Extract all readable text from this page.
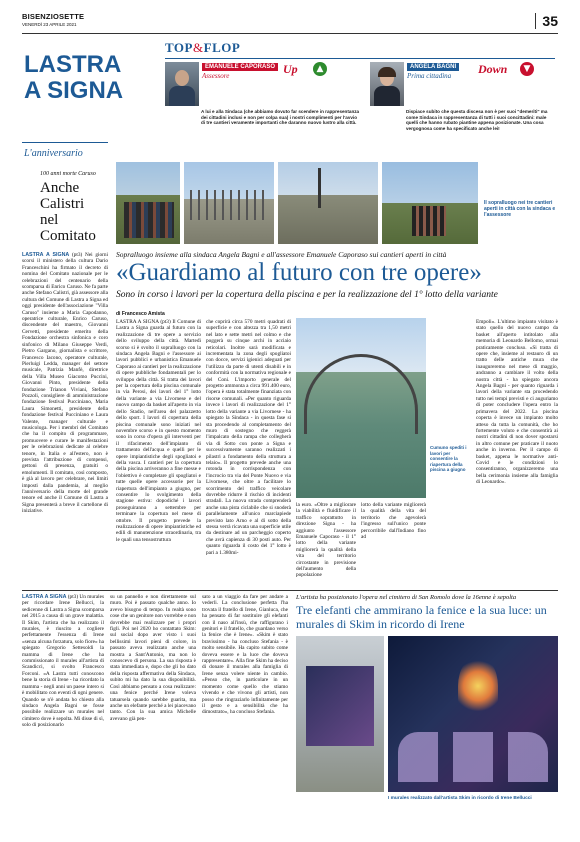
BISENZIOSETTE
VENERDÌ 23 APRILE 2021	35
LASTRA A SIGNA
TOP&FLOP
EMANUELE CAPORASO
Assessore	Up	▲
A lui e alla Sindaca (che abbiamo dovuto far scendere in rappresentanza dei cittadini inclusi e non per colpa sua) i nostri complimenti per l'avvio di tre cantieri veramente importanti che daranno nuovo lustro alla città.
ANGELA BAGNI
Prima cittadina Down	▼
Dispiace subito che questa discesa non è per suoi "demeriti" ma come Sindaca in rappresentanza di tutti i suoi concittadini: male quelli che hanno rubato piantine appena posizionate. Una cosa vergognosa come ha specificato anche lei!
L'anniversario
100 anni morte Caruso
Anche Calistri nel Comitato
LASTRA A SIGNA (pt3) Nei giorni scorsi il ministero della cultura Dario Franceschini ha firmato il decreto di nomina del Comitato nazionale per le celebrazioni del centenario della scomparsa di Enrico Caruso. Ne fa parte anche Stefano Calistri, già assessore alla cultura del Comune di Lastra a Signa ed oggi presidente dell'associazione "Villa Caruso" insieme a Maria Capodanno, operatrice culturale, Enrico Caruso, discendente del maestro, Giovanni Cervetti, presidente emerito della Fondazione orchestra sinfonica e coro sinfonico di Milano Giuseppe Verdi, Pietro Gargano, giornalista e scrittore, Francesco Iacono, operatore culturale, Pierluigi Ledda, manager del settore musicale, Patrizia Manfè, direttrice della Villa Museo Giacomo Puccini, Giovanni Pinto, presidente della fondazione Trianon Viviani, Stefano Pozzoli, consigliere di amministrazione fondazione festival Pucciniano, Maria Laura Simonetti, presidente della fondazione festival Pucciniano e Laura Valente, manager culturale e musicologa. Per i membri del Comitato che ha il compito di programmare, promuovere e curare le manifestazioni per le celebrazioni dedicate al celebre tenore, in Italia e all'estero, non è prevista l'attribuzione di compensi, gettoni di presenza, gratuiti o emolumenti. Il comitato, così composto, è già al lavoro per celebrare, nei limiti imposti dalla pandemia, al meglio l'anniversario della morte del grande tenore ed anche il Comune di Lastra a Signa presenterà a breve il cartellone di iniziative.
Il sopralluogo nei tre cantieri aperti in città con la sindaca e l'assessore
Sopralluogo insieme alla sindaca Angela Bagni e all'assessore Emanuele Caporaso sui cantieri aperti in città
«Guardiamo al futuro con tre opere»
Sono in corso i lavori per la copertura della piscina e per la realizzazione del 1° lotto della variante
di Francesco Amista
LASTRA A SIGNA (pt3) Il Comune di Lastra a Signa guarda al futuro con la realizzazione di tre opere a servizio dello sviluppo della città. Martedì scorso si è svolto il sopralluogo con la sindaca Angela Bagni e l'assessore ai lavori pubblici e urbanistica Emanuele Caporaso ai cantieri per la realizzazione di opere pubbliche fondamentali per lo sviluppo della città. Si tratta dei lavori per la copertura della piscina comunale in via Perosi, dei lavori del 1° lotto della variante a via Livornese e del nuovo campo da basket all'aperto in via dello Stadio, nell'area del palazzetto dello sport. I lavori di copertura della piscina comunale sono iniziati nel novembre scorso e in questo momento sono in corso d'opera gli interventi per il rifacimento dell'impianto di trattamento dell'acqua e quelli per le opere impiantistiche degli spogliatoi e della vasca. I cantieri per la copertura della piscina arriveranno a fine messe e l'obiettivo è completare gli spogliatoi e tutte quelle opere accessorie per la riapertura dell'impianto a giugno, per consentire lo svolgimento della stagione estiva: dopodiché i lavori proseguiranno a settembre per terminare la copertura nel mese di ottobre. Il progetto prevede la realizzazione di opere impiantistiche ed edili di manutenzione straordinaria, tra le quali una tensostruttura
che coprirà circa 570 metri quadrati di superficie e con altezza tra 1,50 metri nel lato e sette metri nel colmo e che poggerà su cinque archi in acciaio reticolari. Inoltre sarà modificata e incrementata la zona degli spogliatoi con docce, servizi igienici adeguati per l'utilizzo da parte di utenti disabili e in conformità con la normativa regionale e del Coni. L'importo generale del progetto ammonta a circa 991.400 euro, l'opera è stata totalmente finanziata con risorse comunali. «Per quanto riguarda invece i lavori di realizzazione del 1° lotto della variante a via Livornese - ha spiegato la Sindaca - in questa fase si sta procedendo al completamento del muro di sostegno che reggerà l'impalcato della rampa che collegherà via di Sotto con ponte a Signa e successivamente saranno realizzati i pilastri a fondamento della struttura a telaio». Il progetto prevede anche una rotonda in corrispondenza con l'incrocio tra via del Ponte Nuovo e via Livornese, che oltre a facilitare lo scorrimento del traffico veicolare dovrebbe ridurre il rischio di incidenti stradali. La nuova strada comprenderà anche una pista ciclabile che si snoderà parallelamente all'unico marciapiede previsto lato Arno e al di sotto della stessa verrà ricavata una superficie utile da destinare ad un parcheggio coperto che avrà capienza di 30 posti auto. Per quanto riguarda il costo del 1° lotto è pari a 1.380mi-
Cumuno spediti i lavori per consentire la riapertura della piscina a giugno
la euro. «Oltre a migliorare la viabilità e fluidificare il traffico soprattutto in direzione Signa - ha aggiunto l'assessore Emanuele Caporaso - il 1° lotto della variante migliorerà la qualità della vita del territorio circostante in previsione dell'aumento della popolazione
lotto della variante migliorerà la qualità della vita del territorio che agevolerà l'ingresso sull'unico ponte percorribile dall'Indiano fino ad
Empoli». L'ultimo impianto visitato è stato quello del nuovo campo da basket all'aperto intitolato alla memoria di Leonardo Bellomo, ormai praticamente concluso. «Si tratta di opere che, insieme al restauro di un tratto delle antiche mura che inaugureremo nel mese di maggio, andranno a cambiare il volto della nostra città - ha spiegato ancora Angela Bagni - per quanto riguarda i lavori della variante sta procedendo tutto nei tempi previsti e ci auguriamo di poter concludere l'opera entro la primavera del 2022. La piscina coperta è invece un impianto molto atteso da tutta la comunità, che ho fortemente voluto e che consentirà ai nostri cittadini di non dover spostarsi in altro comune per praticare il nuoto anche in inverno. Per il campo di basket, appena le normative anti-Covid e le condizioni lo consentiranno, organizzeremo una bella cerimonia insieme alla famiglia di Leonardo».
L'artista ha posizionato l'opera nel cimitero di San Romolo dove la 16enne è sepolta
Tre elefanti che ammirano la fenice e la sua luce: un murales di Skim in ricordo di Irene
LASTRA A SIGNA (pt3) Un murales per ricordare Irene Bellucci, la sedicenne di Lastra a Signa scomparsa nel 2015 a causa di un grave malattia. Il Skim, l'artista che ha realizzato il murales, è riuscito a cogliere perfettamente l'essenza di Irene «senza alcuna forzatura, solo fiore» ha spiegato Gregorio Settesoldi la mamma di Irene che ha commissionato il murales all'artista di Scandicci, si svolto Francesco Forconi. «A Lastra tutti conoscono bene la storia di Irene - ha ricordato la mamma - negli anni un paese intero si è mobilitato con eventi di ogni genere. Quando se n'è andata ho chiesto alla sindaco Angela Bagni se fosse possibile realizzare un murales nel cimitero dove è sepolta. Mi disse di sì, solo di posizionarlo
su un pannello e non direttamente sul muro. Poi è passato qualche anno. Io avevo bisogno di tempo. In realtà sono cose che un genitore non vorrebbe e non dovrebbe mai realizzare per i propri figli. Poi nel 2020 ho contattato Skim: sul social dopo aver visto i suoi bellissimi lavori pieni di colore, in passato aveva realizzato anche una mostra a Sant'Antonio, ma non lo conoscevo di persona. La sua risposta è stata immediata e, dopo che gli ho dato della risposta affermativa della Sindaca, subito mi ha dato la sua disponibilità. Così abbiamo pensato a cosa realizzare: una fenice perché Irene voleva tatuarsela quando sarebbe guarita, ma anche un elefante perché a lei piacevano tanto. Con la sua amica Michelle avevano già pen-
sato a un viaggio da fare per andare a vederli. La conclusione perfetta l'ha trovata il fratello di Irene, Gianluca, che ha pensato di far sostituire gli elefanti con il naso all'insù, che raffigurano i genitori e il fratello, che guardano verso la fenice che è Irene». «Skim è stato bravissimo - ha concluso Stefania - è molto sensibile. Ha capito subito come doveva essere e la luce che doveva rappresentare». Alla fine Skim ha deciso di donare il murales alla famiglia di Irene senza volere niente in cambio. «Penso che, in particolare in un momento come quello che stiamo vivendo e che vivono gli artisti, non posso che ringraziarlo infinitamente per il gesto e a sensibilità che ha dimostrato», ha concluso Stefania.
I murales realizzato dall'artista Skim in ricordo di Irene Bellucci
